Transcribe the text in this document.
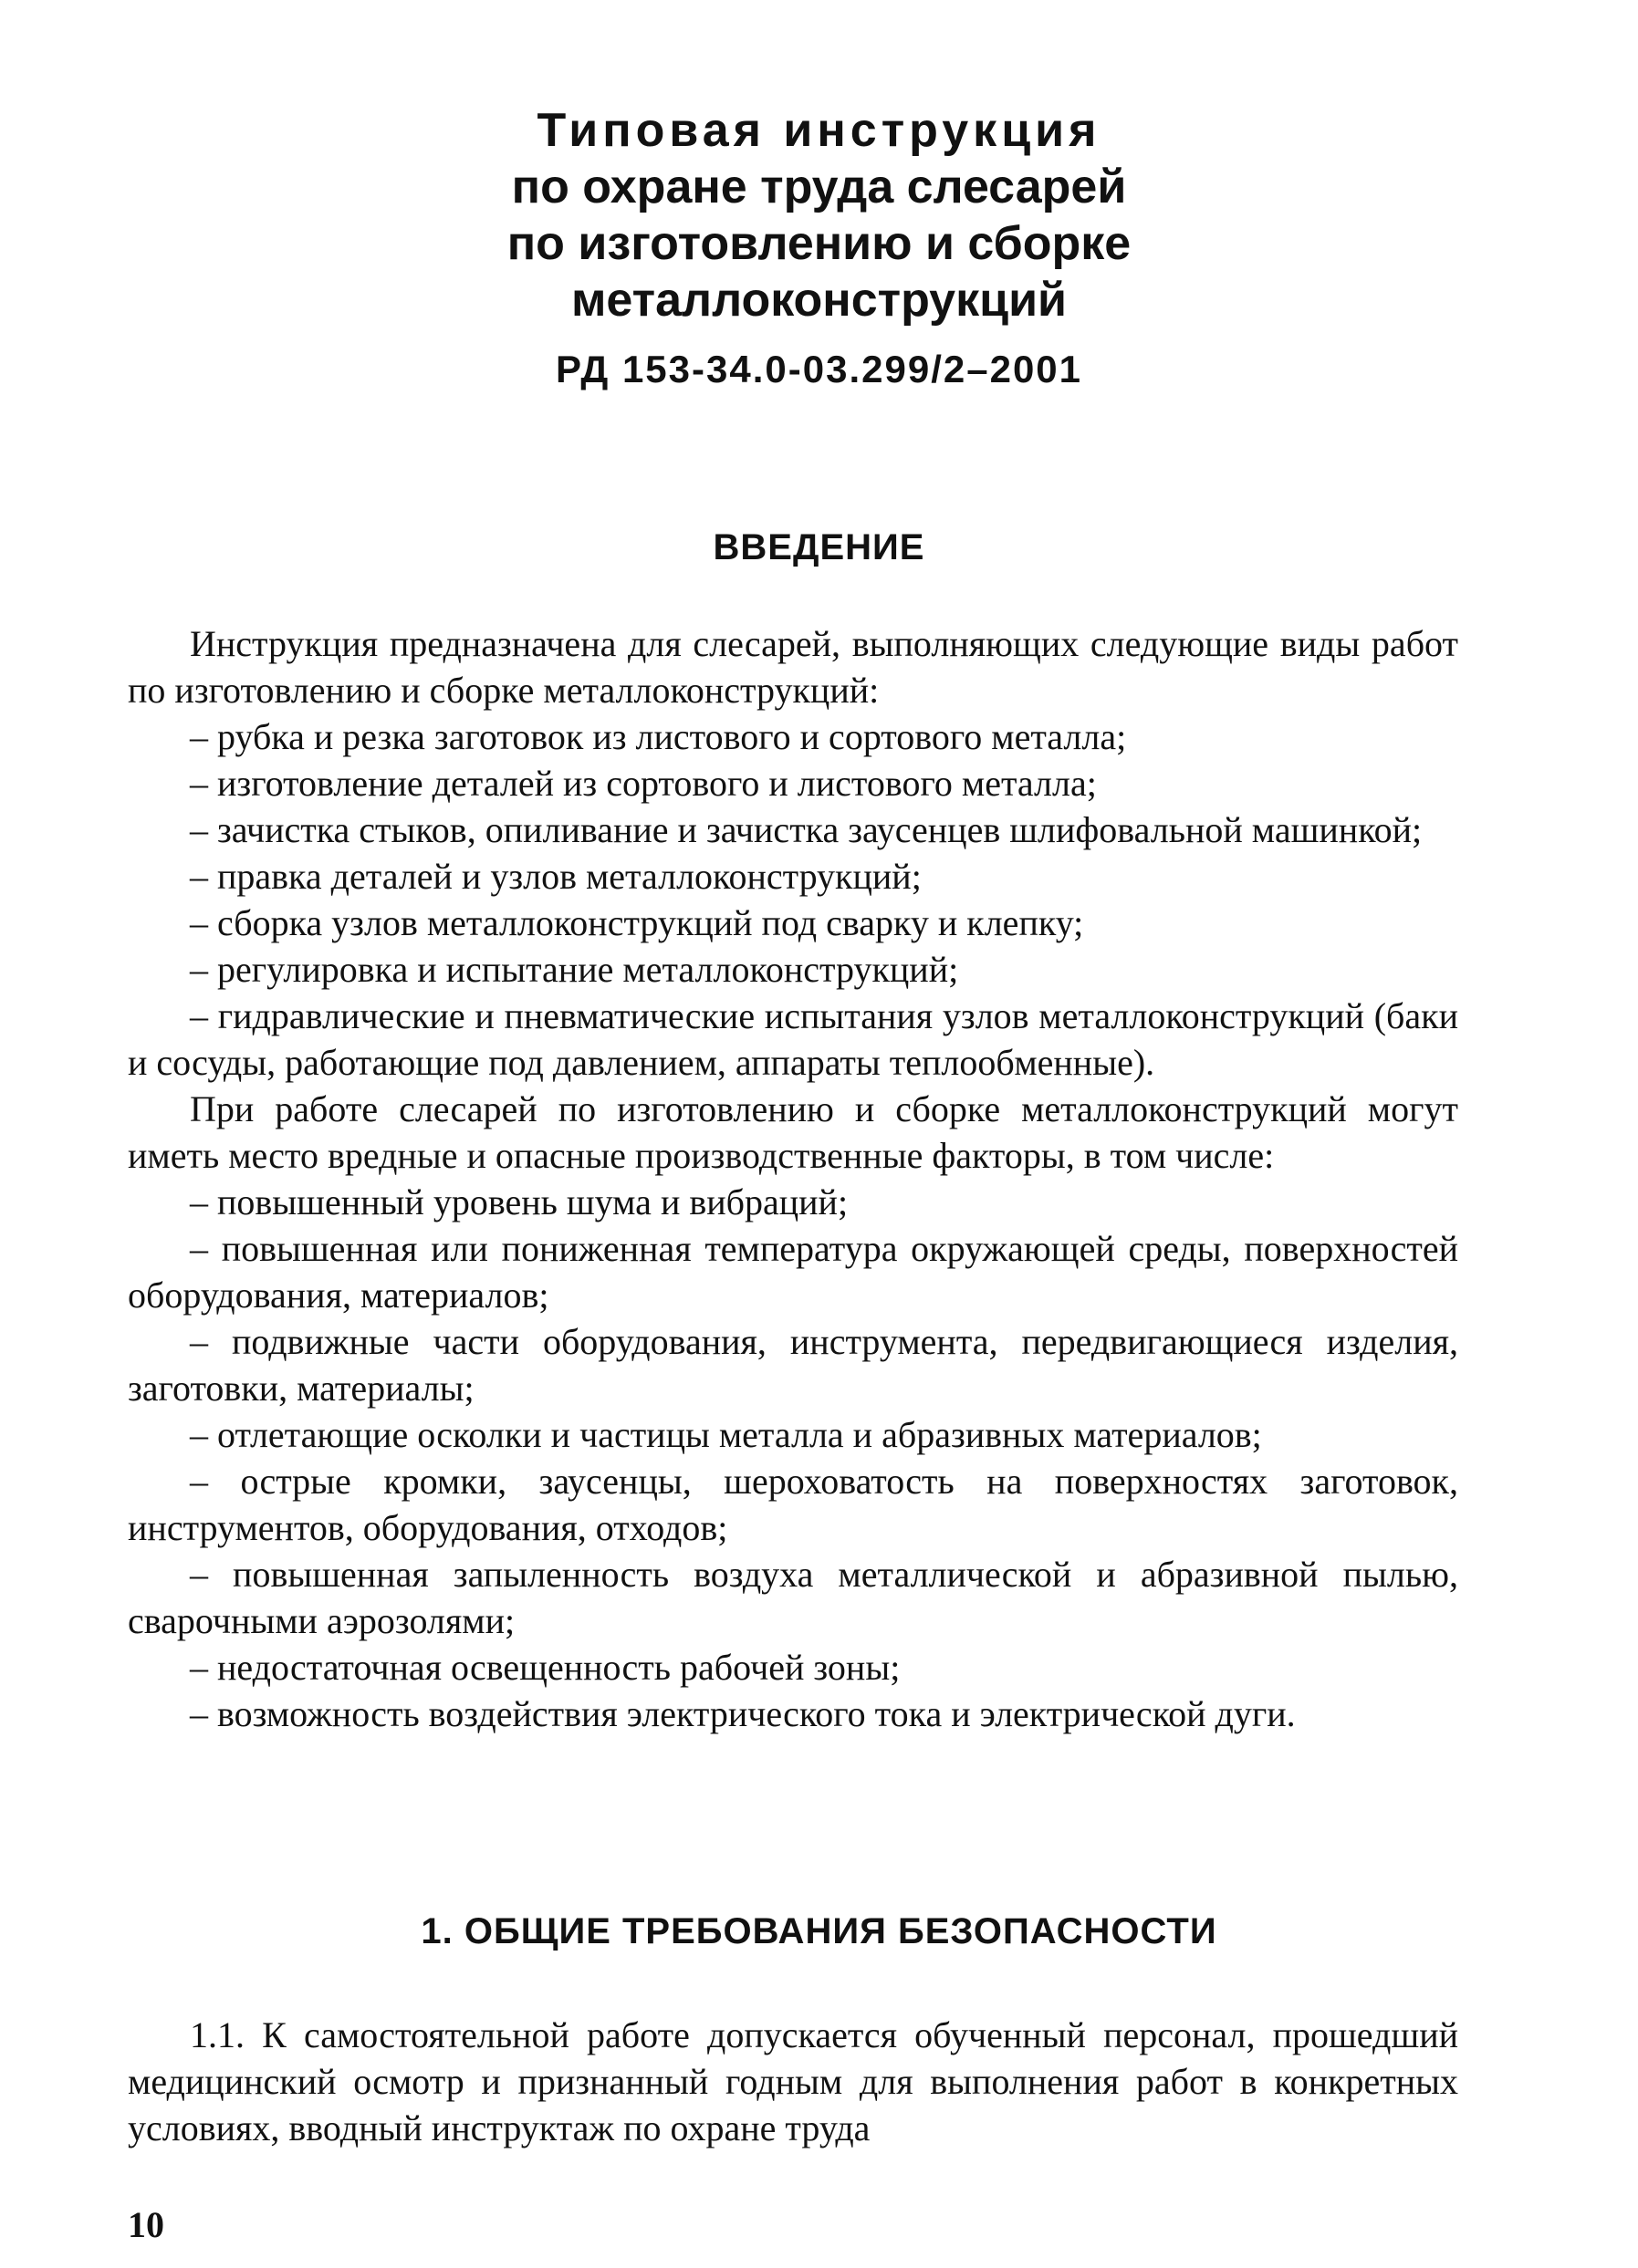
Типовая инструкция
по охране труда слесарей
по изготовлению и сборке
металлоконструкций
РД 153-34.0-03.299/2–2001
ВВЕДЕНИЕ

Инструкция предназначена для слесарей, выполняющих следующие виды работ по изготовлению и сборке металлоконструкций:

– рубка и резка заготовок из листового и сортового металла;

– изготовление деталей из сортового и листового металла;

– зачистка стыков, опиливание и зачистка заусенцев шлифовальной машинкой;

– правка деталей и узлов металлоконструкций;

– сборка узлов металлоконструкций под сварку и клепку;

– регулировка и испытание металлоконструкций;

– гидравлические и пневматические испытания узлов металлоконструкций (баки и сосуды, работающие под давлением, аппараты теплообменные).

При работе слесарей по изготовлению и сборке металлоконструкций могут иметь место вредные и опасные производственные факторы, в том числе:

– повышенный уровень шума и вибраций;

– повышенная или пониженная температура окружающей среды, поверхностей оборудования, материалов;

– подвижные части оборудования, инструмента, передвигающиеся изделия, заготовки, материалы;

– отлетающие осколки и частицы металла и абразивных материалов;

– острые кромки, заусенцы, шероховатость на поверхностях заготовок, инструментов, оборудования, отходов;

– повышенная запыленность воздуха металлической и абразивной пылью, сварочными аэрозолями;

– недостаточная освещенность рабочей зоны;

– возможность воздействия электрического тока и электрической дуги.

1. ОБЩИЕ ТРЕБОВАНИЯ БЕЗОПАСНОСТИ

1.1. К самостоятельной работе допускается обученный персонал, прошедший медицинский осмотр и признанный годным для выполнения работ в конкретных условиях, вводный инструктаж по охране труда

10
